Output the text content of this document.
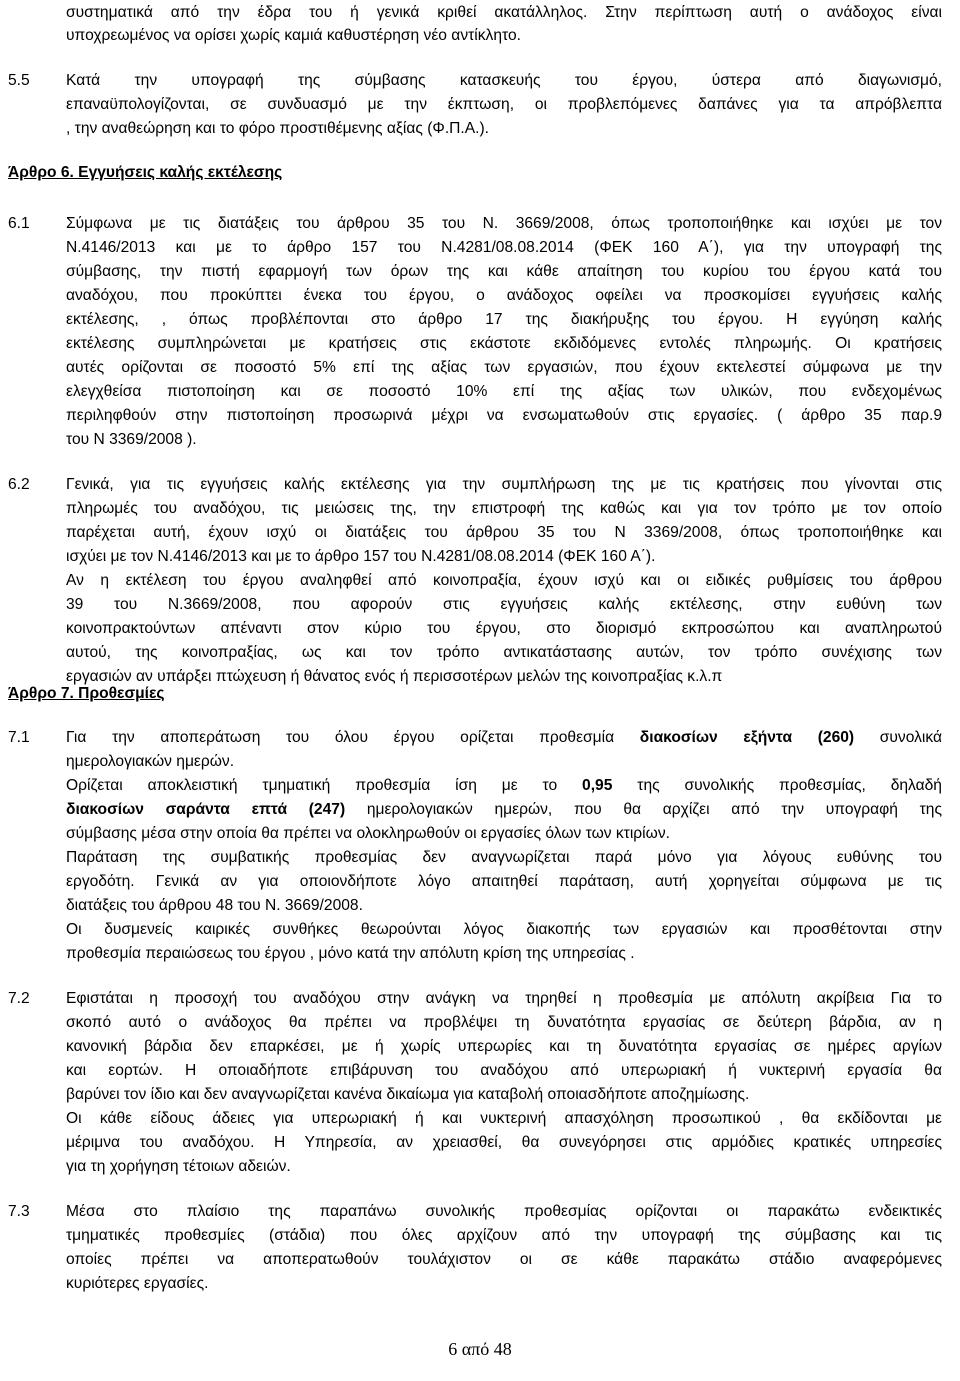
συστηματικά από την έδρα του ή γενικά κριθεί ακατάλληλος. Στην περίπτωση αυτή ο ανάδοχος είναι
υποχρεωμένος να ορίσει χωρίς καμιά καθυστέρηση νέο αντίκλητο.
5.5 Κατά την υπογραφή της σύμβασης κατασκευής του έργου, ύστερα από διαγωνισμό,
επαναϋπολογίζονται, σε συνδυασμό με την έκπτωση, οι προβλεπόμενες δαπάνες για τα απρόβλεπτα
, την αναθεώρηση και το φόρο προστιθέμενης αξίας (Φ.Π.Α.).
Άρθρο 6. Εγγυήσεις καλής εκτέλεσης
6.1 Σύμφωνα με τις διατάξεις του άρθρου 35 του Ν. 3669/2008, όπως τροποποιήθηκε και ισχύει με τον
Ν.4146/2013 και με το άρθρο 157 του Ν.4281/08.08.2014 (ΦΕΚ 160 Α΄), για την υπογραφή της
σύμβασης, την πιστή εφαρμογή των όρων της και κάθε απαίτηση του κυρίου του έργου κατά του
αναδόχου, που προκύπτει ένεκα του έργου, ο ανάδοχος οφείλει να προσκομίσει εγγυήσεις καλής
εκτέλεσης, , όπως προβλέπονται στο άρθρο 17 της διακήρυξης του έργου. Η εγγύηση καλής
εκτέλεσης συμπληρώνεται με κρατήσεις στις εκάστοτε εκδιδόμενες εντολές πληρωμής. Οι κρατήσεις
αυτές ορίζονται σε ποσοστό 5% επί της αξίας των εργασιών, που έχουν εκτελεστεί σύμφωνα με την
ελεγχθείσα πιστοποίηση και σε ποσοστό 10% επί της αξίας των υλικών, που ενδεχομένως
περιληφθούν στην πιστοποίηση προσωρινά μέχρι να ενσωματωθούν στις εργασίες. ( άρθρο 35 παρ.9
του Ν 3369/2008 ).
6.2 Γενικά, για τις εγγυήσεις καλής εκτέλεσης για την συμπλήρωση της με τις κρατήσεις που γίνονται στις
πληρωμές του αναδόχου, τις μειώσεις της, την επιστροφή της καθώς και για τον τρόπο με τον οποίο
παρέχεται αυτή, έχουν ισχύ οι διατάξεις του άρθρου 35 του Ν 3369/2008, όπως τροποποιήθηκε και
ισχύει με τον Ν.4146/2013 και με το άρθρο 157 του Ν.4281/08.08.2014 (ΦΕΚ 160 Α΄).
Αν η εκτέλεση του έργου αναληφθεί από κοινοπραξία, έχουν ισχύ και οι ειδικές ρυθμίσεις του άρθρου
39 του Ν.3669/2008, που αφορούν στις εγγυήσεις καλής εκτέλεσης, στην ευθύνη των
κοινοπρακτούντων απέναντι στον κύριο του έργου, στο διορισμό εκπροσώπου και αναπληρωτού
αυτού, της κοινοπραξίας, ως και τον τρόπο αντικατάστασης αυτών, τον τρόπο συνέχισης των
εργασιών αν υπάρξει πτώχευση ή θάνατος ενός ή περισσοτέρων μελών της κοινοπραξίας κ.λ.π
Άρθρο 7. Προθεσμίες
7.1 Για την αποπεράτωση του όλου έργου ορίζεται προθεσμία διακοσίων εξήντα (260) συνολικά
ημερολογιακών ημερών.
Ορίζεται αποκλειστική τμηματική προθεσμία ίση με το 0,95 της συνολικής προθεσμίας, δηλαδή
διακοσίων σαράντα επτά (247) ημερολογιακών ημερών, που θα αρχίζει από την υπογραφή της
σύμβασης μέσα στην οποία θα πρέπει να ολοκληρωθούν οι εργασίες όλων των κτιρίων.
Παράταση της συμβατικής προθεσμίας δεν αναγνωρίζεται παρά μόνο για λόγους ευθύνης του
εργοδότη. Γενικά αν για οποιονδήποτε λόγο απαιτηθεί παράταση, αυτή χορηγείται σύμφωνα με τις
διατάξεις του άρθρου 48 του Ν. 3669/2008.
Οι δυσμενείς καιρικές συνθήκες θεωρούνται λόγος διακοπής των εργασιών και προσθέτονται στην
προθεσμία περαιώσεως του έργου , μόνο κατά την απόλυτη κρίση της υπηρεσίας .
7.2 Εφιστάται η προσοχή του αναδόχου στην ανάγκη να τηρηθεί η προθεσμία με απόλυτη ακρίβεια Για το
σκοπό αυτό ο ανάδοχος θα πρέπει να προβλέψει τη δυνατότητα εργασίας σε δεύτερη βάρδια, αν η
κανονική βάρδια δεν επαρκέσει, με ή χωρίς υπερωρίες και τη δυνατότητα εργασίας σε ημέρες αργίων
και εορτών. Η οποιαδήποτε επιβάρυνση του αναδόχου από υπερωριακή ή νυκτερινή εργασία θα
βαρύνει τον ίδιο και δεν αναγνωρίζεται κανένα δικαίωμα για καταβολή οποιασδήποτε αποζημίωσης.
Οι κάθε είδους άδειες για υπερωριακή ή και νυκτερινή απασχόληση προσωπικού , θα εκδίδονται με
μέριμνα του αναδόχου. Η Υπηρεσία, αν χρειασθεί, θα συνεγόρησει στις αρμόδιες κρατικές υπηρεσίες
για τη χορήγηση τέτοιων αδειών.
7.3 Μέσα στο πλαίσιο της παραπάνω συνολικής προθεσμίας ορίζονται οι παρακάτω ενδεικτικές
τμηματικές προθεσμίες (στάδια) που όλες αρχίζουν από την υπογραφή της σύμβασης και τις
οποίες πρέπει να αποπερατωθούν τουλάχιστον οι σε κάθε παρακάτω στάδιο αναφερόμενες
κυριότερες εργασίες.
6 από 48
